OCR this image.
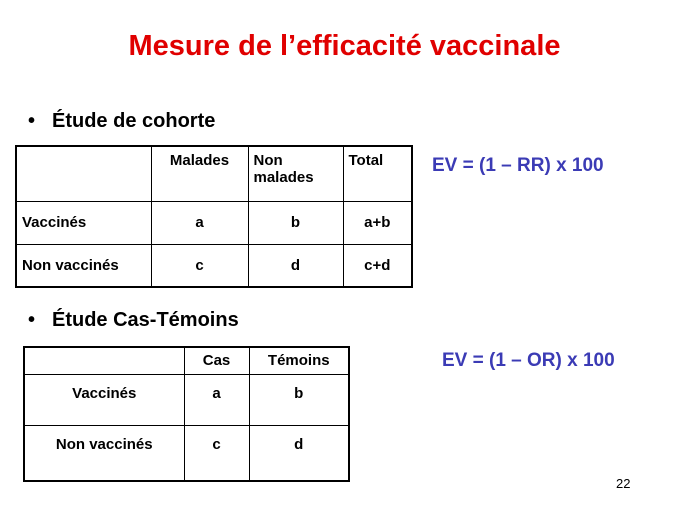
Mesure de l’efficacité vaccinale
• Étude de cohorte
	Malades	Non malades	Total
Vaccinés	a	b	a+b
Non vaccinés	c	d	c+d
EV = (1 – RR) x 100
• Étude Cas-Témoins
	Cas	Témoins
Vaccinés	a	b
Non vaccinés	c	d
EV = (1 – OR) x 100
22
